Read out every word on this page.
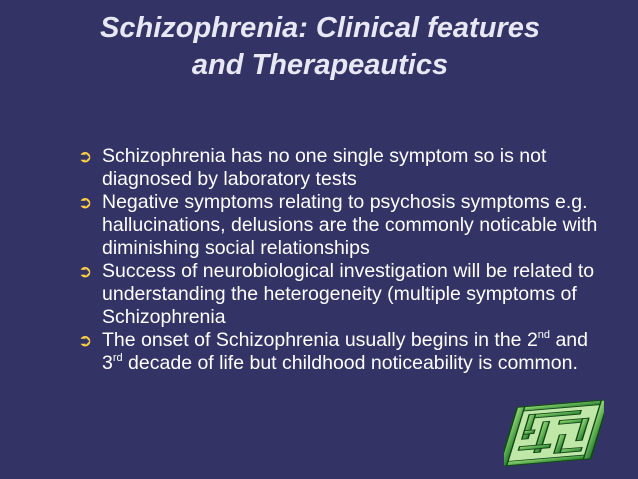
Schizophrenia: Clinical features
and Therapeautics
➲ Schizophrenia has no one single symptom so is not diagnosed by laboratory tests
➲ Negative symptoms relating to psychosis symptoms e.g. hallucinations, delusions are the commonly noticable with diminishing social relationships
➲ Success of neurobiological investigation will be related to understanding the heterogeneity (multiple symptoms of Schizophrenia
➲ The onset of Schizophrenia usually begins in the 2nd and 3rd decade of life but childhood noticeability is common.
